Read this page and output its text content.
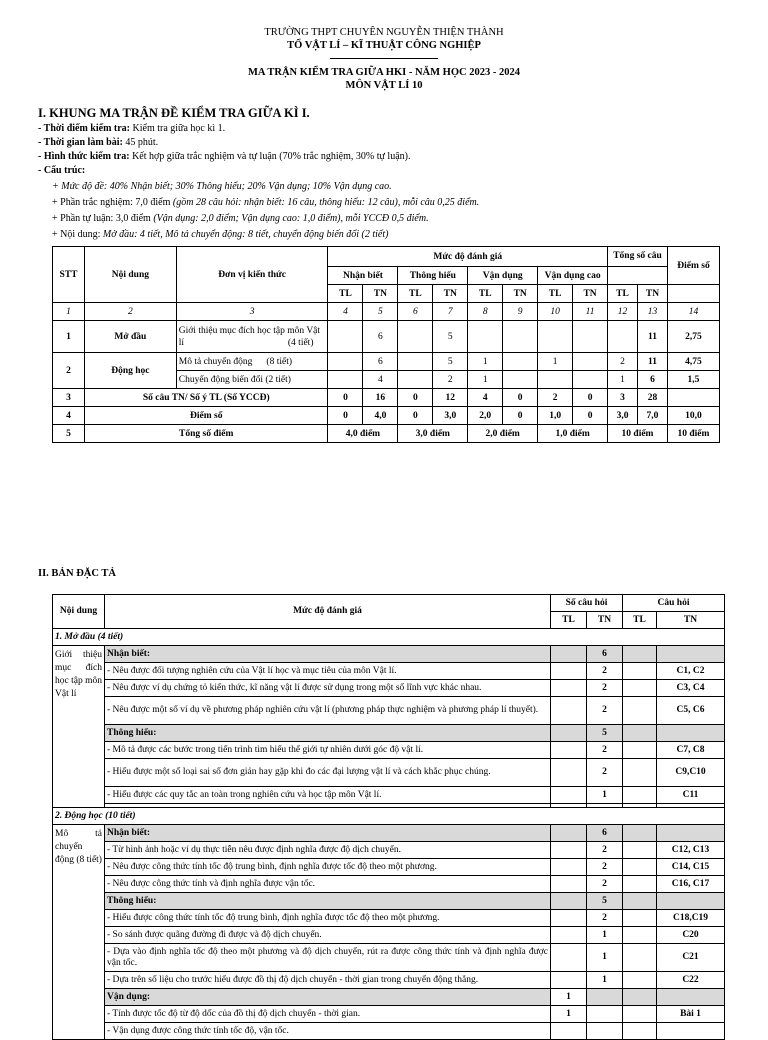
TRƯỜNG THPT CHUYÊN NGUYỄN THIỆN THÀNH
TỔ VẬT LÍ – KĨ THUẬT CÔNG NGHIỆP
MA TRẬN KIỂM TRA GIỮA HKI - NĂM HỌC 2023 - 2024
MÔN VẬT LÍ 10
I. KHUNG MA TRẬN ĐỀ KIỂM TRA GIỮA KÌ I.
- Thời điểm kiểm tra: Kiểm tra giữa học kì 1.
- Thời gian làm bài: 45 phút.
- Hình thức kiểm tra: Kết hợp giữa trắc nghiệm và tự luận (70% trắc nghiệm, 30% tự luận).
- Cấu trúc:
+ Mức độ đề: 40% Nhận biết; 30% Thông hiểu; 20% Vận dụng; 10% Vận dụng cao.
+ Phần trắc nghiệm: 7,0 điểm (gồm 28 câu hỏi: nhận biết: 16 câu, thông hiểu: 12 câu), mỗi câu 0,25 điểm.
+ Phần tự luận: 3,0 điểm (Vận dụng: 2,0 điểm; Vận dụng cao: 1,0 điểm), mỗi YCCĐ 0,5 điểm.
+ Nội dung: Mở đầu: 4 tiết, Mô tả chuyển động: 8 tiết, chuyển động biến đổi (2 tiết)
STT	Nội dung	Đơn vị kiến thức	Mức độ đánh giá								Tổng số câu		Điểm số
			Nhận biết		Thông hiểu		Vận dụng		Vận dụng cao				
			TL	TN	TL	TN	TL	TN	TL	TN	TL	TN	
1	2	3	4	5	6	7	8	9	10	11	12	13	14
1	Mở đầu	Giới thiệu mục đích học tập môn Vật lí (4 tiết)		6		5						11	2,75
2	Động học	Mô tả chuyển động (8 tiết)		6		5	1		1		2	11	4,75
		Chuyển động biến đổi (2 tiết)		4		2	1				1	6	1,5
3	Số câu TN/ Số ý TL (Số YCCĐ)		0	16	0	12	4	0	2	0	3	28	
4	Điểm số		0	4,0	0	3,0	2,0	0	1,0	0	3,0	7,0	10,0
5	Tổng số điểm		4,0 điểm		3,0 điểm		2,0 điểm		1,0 điểm		10 điểm		10 điểm
II. BẢN ĐẶC TẢ
Nội dung	Mức độ đánh giá	Số câu hỏi		Câu hỏi	
		TL	TN	TL	TN
1. Mở đầu (4 tiết)					
Giới thiệu mục đích học tập môn Vật lí	Nhận biết:		6		
	- Nêu được đối tượng nghiên cứu của Vật lí học và mục tiêu của môn Vật lí.		2		C1, C2
	- Nêu được ví dụ chứng tỏ kiến thức, kĩ năng vật lí được sử dụng trong một số lĩnh vực khác nhau.		2		C3, C4
	- Nêu được một số ví dụ về phương pháp nghiên cứu vật lí (phương pháp thực nghiệm và phương pháp lí thuyết).		2		C5, C6
	Thông hiểu:		5		
	- Mô tả được các bước trong tiến trình tìm hiểu thế giới tự nhiên dưới góc độ vật lí.		2		C7, C8
	- Hiểu được một số loại sai số đơn giản hay gặp khi đo các đại lượng vật lí và cách khắc phục chúng.		2		C9,C10
	- Hiểu được các quy tắc an toàn trong nghiên cứu và học tập môn Vật lí.		1		C11

2. Động học (10 tiết)					
Mô tả chuyển động (8 tiết)	Nhận biết:		6		
	- Từ hình ảnh hoặc ví dụ thực tiễn nêu được định nghĩa được độ dịch chuyển.		2		C12, C13
	- Nêu được công thức tính tốc độ trung bình, định nghĩa được tốc độ theo một phương.		2		C14, C15
	- Nêu được công thức tính và định nghĩa được vận tốc.		2		C16, C17
	Thông hiểu:		5		
	- Hiểu được công thức tính tốc độ trung bình, định nghĩa được tốc độ theo một phương.		2		C18,C19
	- So sánh được quãng đường đi được và độ dịch chuyển.		1		C20
	- Dựa vào định nghĩa tốc độ theo một phương và độ dịch chuyển, rút ra được công thức tính và định nghĩa được vận tốc.		1		C21
	- Dựa trên số liệu cho trước hiểu được đồ thị độ dịch chuyển - thời gian trong chuyển động thẳng.		1		C22
	Vận dụng:	1			
	- Tính được tốc độ từ độ dốc của đồ thị độ dịch chuyển - thời gian.	1			Bài 1
	- Vận dụng được công thức tính tốc độ, vận tốc.				
